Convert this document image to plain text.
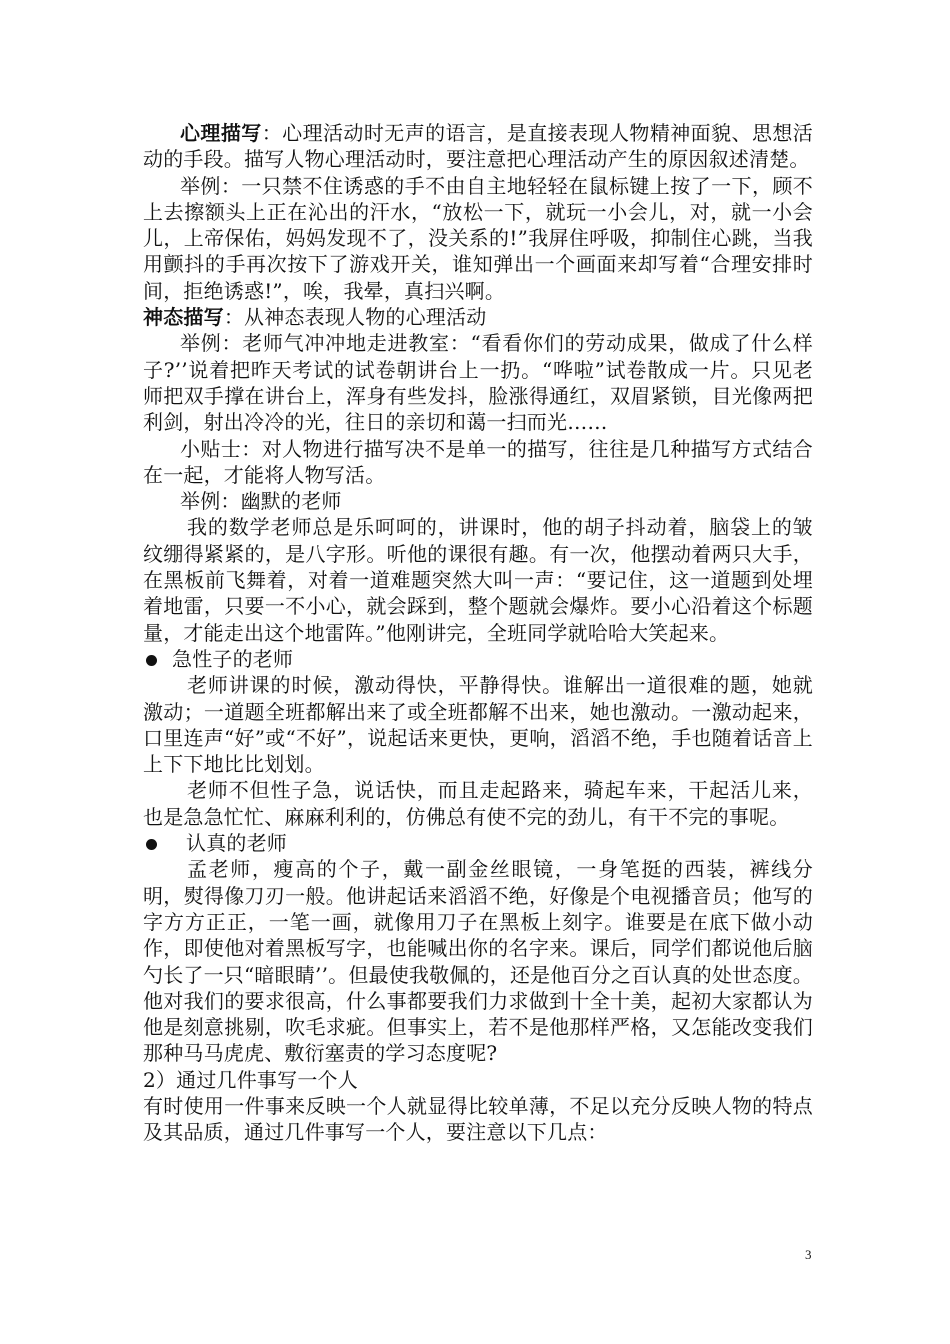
心理描写：心理活动时无声的语言，是直接表现人物精神面貌、思想活动的手段。描写人物心理活动时，要注意把心理活动产生的原因叙述清楚。

举例：一只禁不住诱惑的手不由自主地轻轻在鼠标键上按了一下，顾不上去擦额头上正在沁出的汗水，“放松一下，就玩一小会儿，对，就一小会儿，上帝保佑，妈妈发现不了，没关系的!”我屏住呼吸，抑制住心跳，当我用颤抖的手再次按下了游戏开关，谁知弹出一个画面来却写着“合理安排时间，拒绝诱惑!”，唉，我晕，真扫兴啊。

神态描写：从神态表现人物的心理活动

举例：老师气冲冲地走进教室：“看看你们的劳动成果，做成了什么样子?’’说着把昨天考试的试卷朝讲台上一扔。“哗啦”试卷散成一片。只见老师把双手撑在讲台上，浑身有些发抖，脸涨得通红，双眉紧锁，目光像两把利剑，射出冷冷的光，往日的亲切和蔼一扫而光……

小贴士：对人物进行描写决不是单一的描写，往往是几种描写方式结合在一起，才能将人物写活。

举例：幽默的老师

我的数学老师总是乐呵呵的，讲课时，他的胡子抖动着，脑袋上的皱纹绷得紧紧的，是八字形。听他的课很有趣。有一次，他摆动着两只大手，在黑板前飞舞着，对着一道难题突然大叫一声：“要记住，这一道题到处埋着地雷，只要一不小心，就会踩到，整个题就会爆炸。要小心沿着这个标题量，才能走出这个地雷阵。”他刚讲完，全班同学就哈哈大笑起来。

急性子的老师

老师讲课的时候，激动得快，平静得快。谁解出一道很难的题，她就激动；一道题全班都解出来了或全班都解不出来，她也激动。一激动起来，口里连声“好”或“不好”，说起话来更快，更响，滔滔不绝，手也随着话音上上下下地比比划划。

老师不但性子急，说话快，而且走起路来，骑起车来，干起活儿来，也是急急忙忙、麻麻利利的，仿佛总有使不完的劲儿，有干不完的事呢。

认真的老师

孟老师，瘦高的个子，戴一副金丝眼镜，一身笔挺的西装，裤线分明，熨得像刀刃一般。他讲起话来滔滔不绝，好像是个电视播音员；他写的字方方正正，一笔一画，就像用刀子在黑板上刻字。谁要是在底下做小动作，即使他对着黑板写字，也能喊出你的名字来。课后，同学们都说他后脑勺长了一只“暗眼睛’’。但最使我敬佩的，还是他百分之百认真的处世态度。他对我们的要求很高，什么事都要我们力求做到十全十美，起初大家都认为他是刻意挑剔，吹毛求疵。但事实上，若不是他那样严格，又怎能改变我们那种马马虎虎、敷衍塞责的学习态度呢?

2）通过几件事写一个人

有时使用一件事来反映一个人就显得比较单薄，不足以充分反映人物的特点及其品质，通过几件事写一个人，要注意以下几点：

3
